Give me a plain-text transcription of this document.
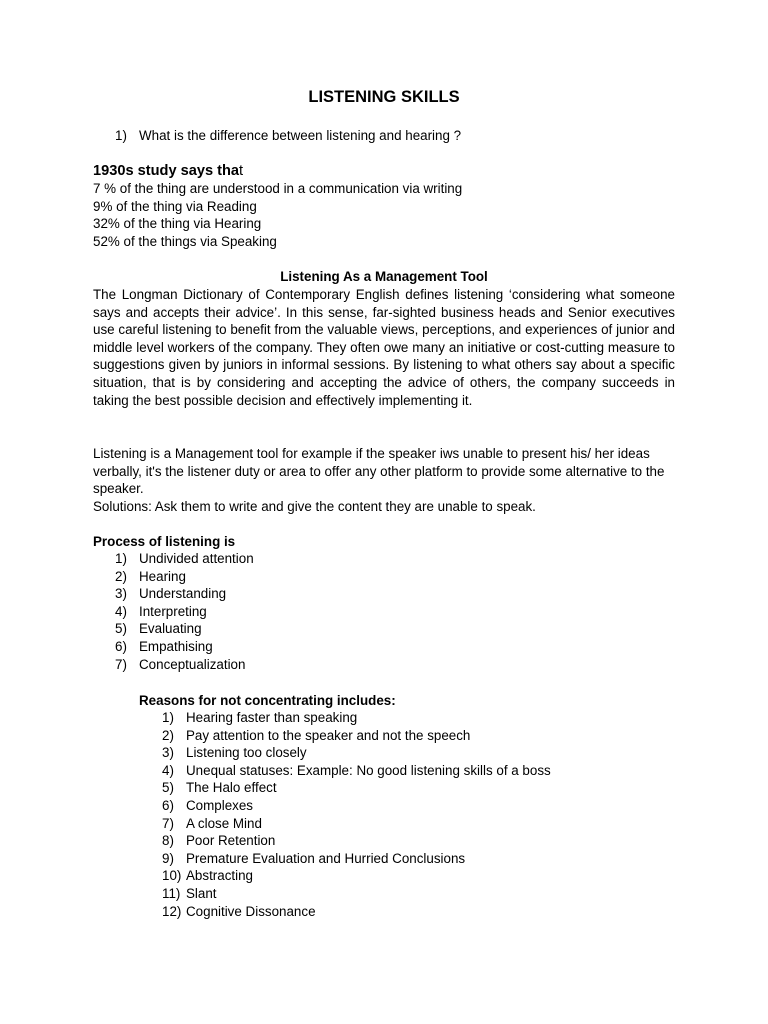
LISTENING SKILLS
1) What is the difference between listening and hearing ?
1930s study says that
7 % of the thing are understood in a communication via writing
9% of the thing via Reading
32% of the thing via Hearing
52% of the things via Speaking
Listening As a Management Tool
The Longman Dictionary of Contemporary English defines listening ‘considering what someone says and accepts their advice’. In this sense, far-sighted business heads and Senior executives use careful listening to benefit from the valuable views, perceptions, and experiences of junior and middle level workers of the company. They often owe many an initiative or cost-cutting measure to suggestions given by juniors in informal sessions. By listening to what others say about a specific situation, that is by considering and accepting the advice of others, the company succeeds in taking the best possible decision and effectively implementing it.
Listening is a Management tool for example if the speaker iws unable to present his/ her ideas verbally, it's the listener duty or area to offer any other platform to provide some alternative to the speaker.
Solutions: Ask them to write and give the content they are unable to speak.
Process of listening is
1) Undivided attention
2) Hearing
3) Understanding
4) Interpreting
5) Evaluating
6) Empathising
7) Conceptualization
Reasons for not concentrating includes:
1) Hearing faster than speaking
2) Pay attention to the speaker and not the speech
3) Listening too closely
4) Unequal statuses: Example: No good listening skills of a boss
5) The Halo effect
6) Complexes
7) A close Mind
8) Poor Retention
9) Premature Evaluation and Hurried Conclusions
10) Abstracting
11) Slant
12) Cognitive Dissonance
